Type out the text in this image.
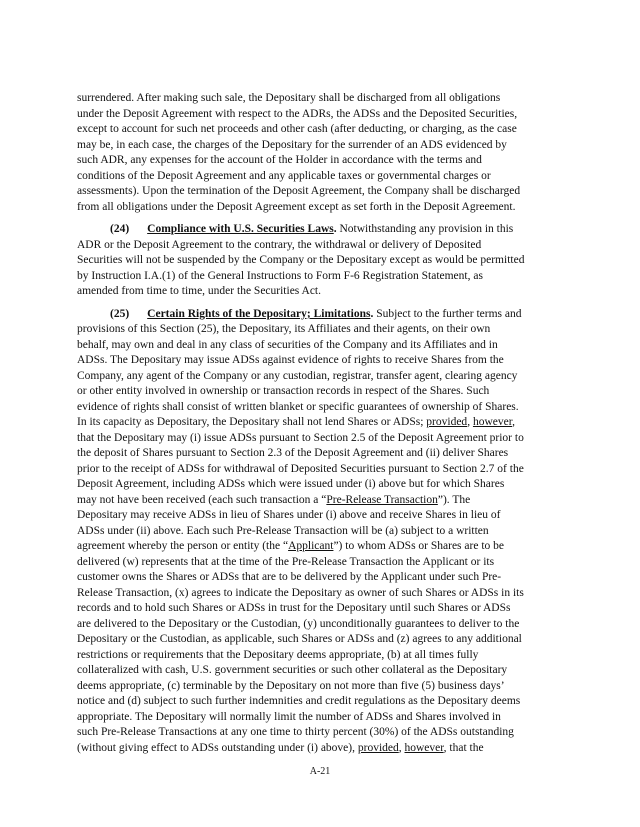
surrendered. After making such sale, the Depositary shall be discharged from all obligations
under the Deposit Agreement with respect to the ADRs, the ADSs and the Deposited Securities,
except to account for such net proceeds and other cash (after deducting, or charging, as the case
may be, in each case, the charges of the Depositary for the surrender of an ADS evidenced by
such ADR, any expenses for the account of the Holder in accordance with the terms and
conditions of the Deposit Agreement and any applicable taxes or governmental charges or
assessments). Upon the termination of the Deposit Agreement, the Company shall be discharged
from all obligations under the Deposit Agreement except as set forth in the Deposit Agreement.
(24) Compliance with U.S. Securities Laws. Notwithstanding any provision in this
ADR or the Deposit Agreement to the contrary, the withdrawal or delivery of Deposited
Securities will not be suspended by the Company or the Depositary except as would be permitted
by Instruction I.A.(1) of the General Instructions to Form F-6 Registration Statement, as
amended from time to time, under the Securities Act.
(25) Certain Rights of the Depositary; Limitations. Subject to the further terms and
provisions of this Section (25), the Depositary, its Affiliates and their agents, on their own
behalf, may own and deal in any class of securities of the Company and its Affiliates and in
ADSs. The Depositary may issue ADSs against evidence of rights to receive Shares from the
Company, any agent of the Company or any custodian, registrar, transfer agent, clearing agency
or other entity involved in ownership or transaction records in respect of the Shares. Such
evidence of rights shall consist of written blanket or specific guarantees of ownership of Shares.
In its capacity as Depositary, the Depositary shall not lend Shares or ADSs; provided, however,
that the Depositary may (i) issue ADSs pursuant to Section 2.5 of the Deposit Agreement prior to
the deposit of Shares pursuant to Section 2.3 of the Deposit Agreement and (ii) deliver Shares
prior to the receipt of ADSs for withdrawal of Deposited Securities pursuant to Section 2.7 of the
Deposit Agreement, including ADSs which were issued under (i) above but for which Shares
may not have been received (each such transaction a “Pre-Release Transaction”). The
Depositary may receive ADSs in lieu of Shares under (i) above and receive Shares in lieu of
ADSs under (ii) above. Each such Pre-Release Transaction will be (a) subject to a written
agreement whereby the person or entity (the “Applicant”) to whom ADSs or Shares are to be
delivered (w) represents that at the time of the Pre-Release Transaction the Applicant or its
customer owns the Shares or ADSs that are to be delivered by the Applicant under such Pre-
Release Transaction, (x) agrees to indicate the Depositary as owner of such Shares or ADSs in its
records and to hold such Shares or ADSs in trust for the Depositary until such Shares or ADSs
are delivered to the Depositary or the Custodian, (y) unconditionally guarantees to deliver to the
Depositary or the Custodian, as applicable, such Shares or ADSs and (z) agrees to any additional
restrictions or requirements that the Depositary deems appropriate, (b) at all times fully
collateralized with cash, U.S. government securities or such other collateral as the Depositary
deems appropriate, (c) terminable by the Depositary on not more than five (5) business days’
notice and (d) subject to such further indemnities and credit regulations as the Depositary deems
appropriate. The Depositary will normally limit the number of ADSs and Shares involved in
such Pre-Release Transactions at any one time to thirty percent (30%) of the ADSs outstanding
(without giving effect to ADSs outstanding under (i) above), provided, however, that the
A-21
